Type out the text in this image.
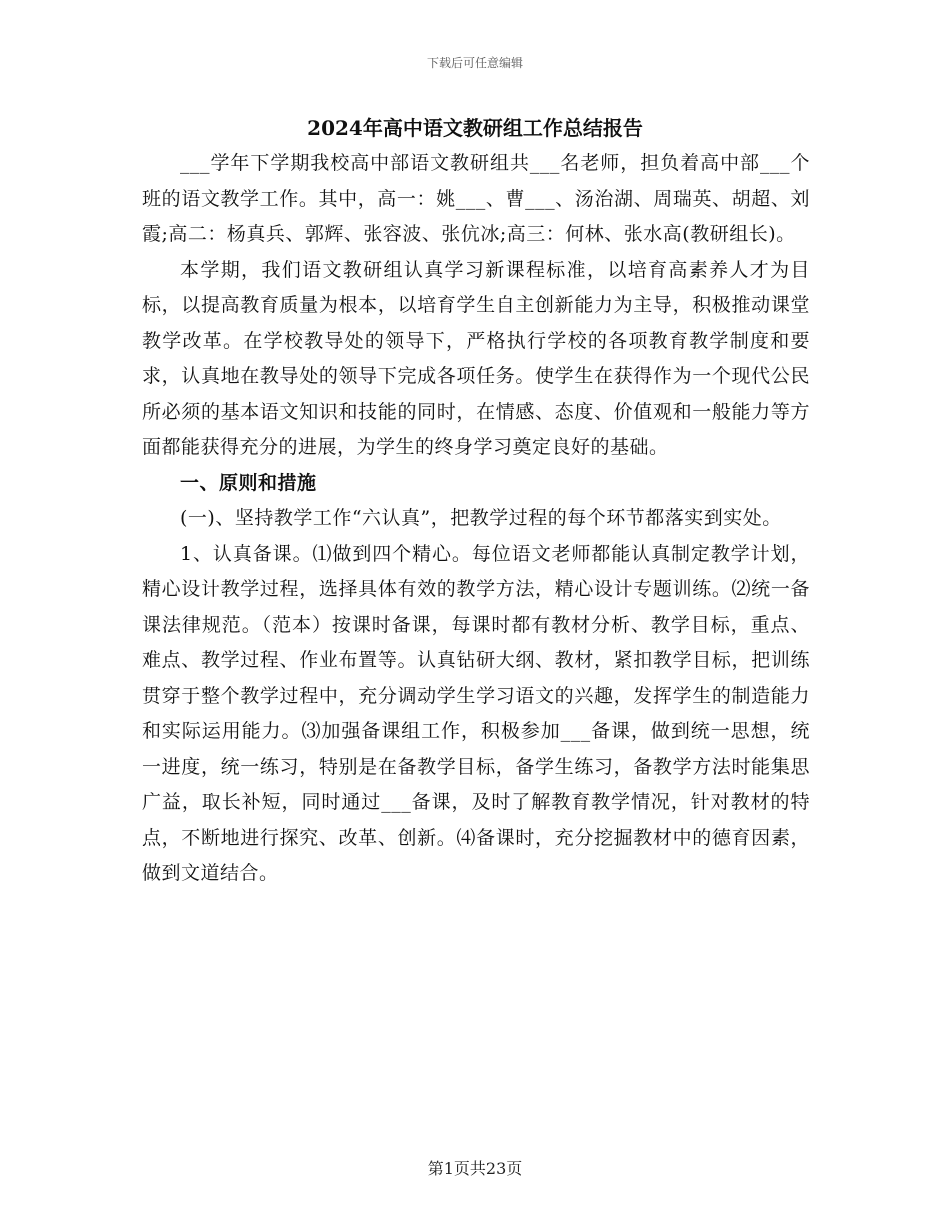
下载后可任意编辑
2024年高中语文教研组工作总结报告

___学年下学期我校高中部语文教研组共___名老师，担负着高中部___个班的语文教学工作。其中，高一：姚___、曹___、汤治湖、周瑞英、胡超、刘霞;高二：杨真兵、郭辉、张容波、张伉冰;高三：何林、张水高(教研组长)。

本学期，我们语文教研组认真学习新课程标准，以培育高素养人才为目标，以提高教育质量为根本，以培育学生自主创新能力为主导，积极推动课堂教学改革。在学校教导处的领导下，严格执行学校的各项教育教学制度和要求，认真地在教导处的领导下完成各项任务。使学生在获得作为一个现代公民所必须的基本语文知识和技能的同时，在情感、态度、价值观和一般能力等方面都能获得充分的进展，为学生的终身学习奠定良好的基础。

一、原则和措施

(一)、坚持教学工作“六认真”，把教学过程的每个环节都落实到实处。

1、认真备课。⑴做到四个精心。每位语文老师都能认真制定教学计划，精心设计教学过程，选择具体有效的教学方法，精心设计专题训练。⑵统一备课法律规范。（范本）按课时备课，每课时都有教材分析、教学目标，重点、难点、教学过程、作业布置等。认真钻研大纲、教材，紧扣教学目标，把训练贯穿于整个教学过程中，充分调动学生学习语文的兴趣，发挥学生的制造能力和实际运用能力。⑶加强备课组工作，积极参加___备课，做到统一思想，统一进度，统一练习，特别是在备教学目标，备学生练习，备教学方法时能集思广益，取长补短，同时通过___备课，及时了解教育教学情况，针对教材的特点，不断地进行探究、改革、创新。⑷备课时，充分挖掘教材中的德育因素，做到文道结合。

第1页共23页
